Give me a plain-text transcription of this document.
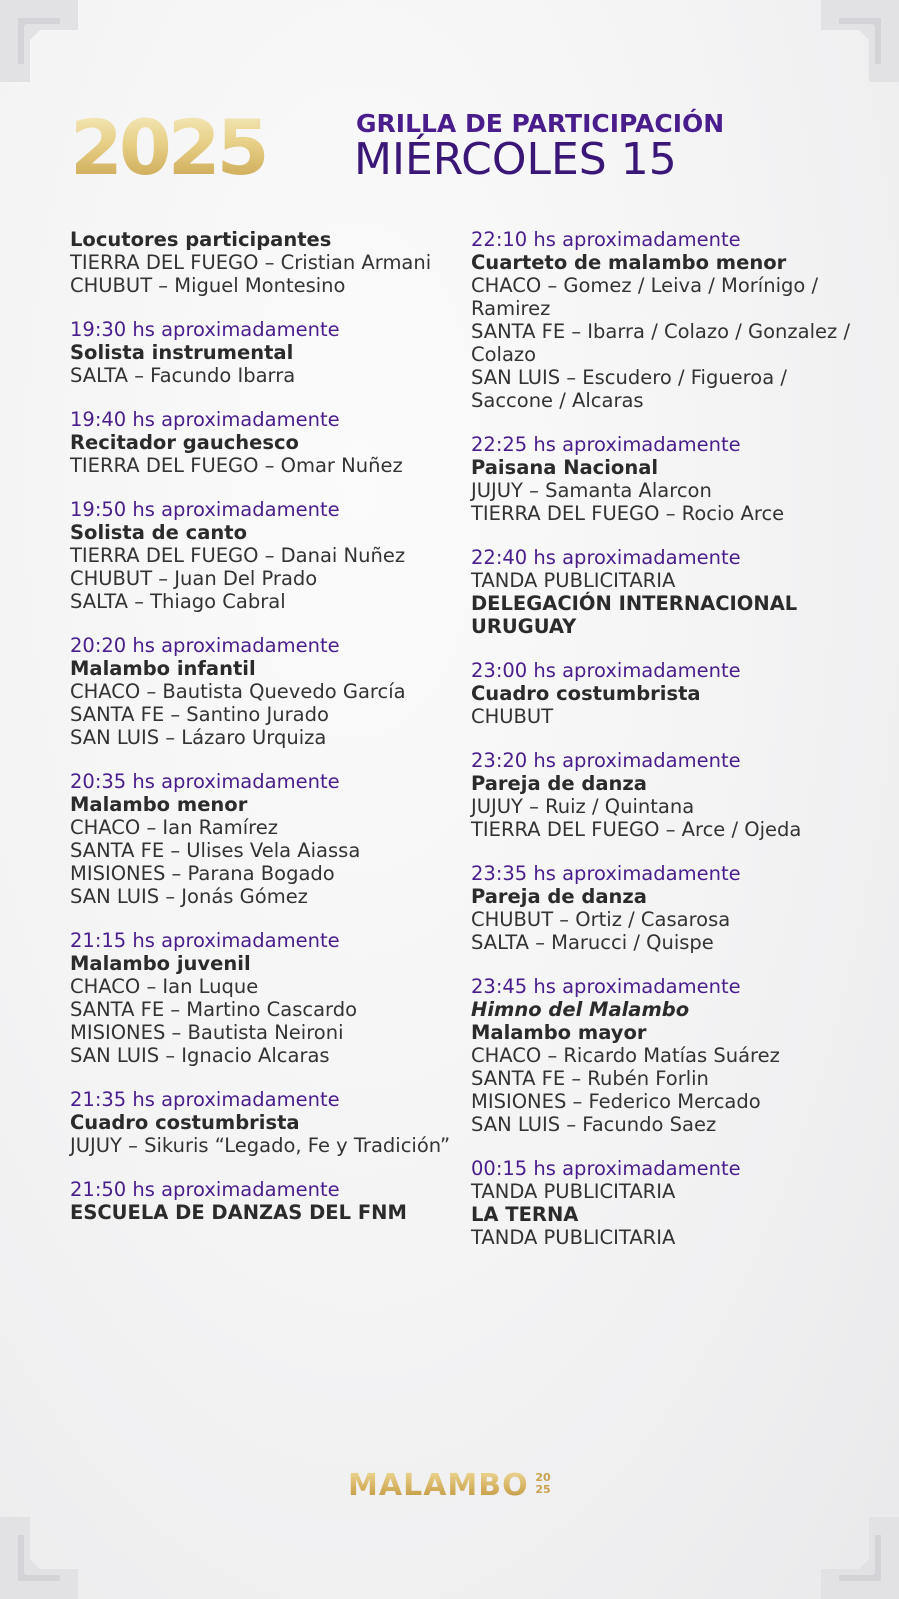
2025	GRILLA DE PARTICIPACIÓN
MIÉRCOLES 15
Locutores participantes
TIERRA DEL FUEGO – Cristian Armani
CHUBUT – Miguel Montesino
19:30 hs aproximadamente
Solista instrumental
SALTA – Facundo Ibarra
19:40 hs aproximadamente
Recitador gauchesco
TIERRA DEL FUEGO – Omar Nuñez
19:50 hs aproximadamente
Solista de canto
TIERRA DEL FUEGO – Danai Nuñez
CHUBUT – Juan Del Prado
SALTA – Thiago Cabral
20:20 hs aproximadamente
Malambo infantil
CHACO – Bautista Quevedo García
SANTA FE – Santino Jurado
SAN LUIS – Lázaro Urquiza
20:35 hs aproximadamente
Malambo menor
CHACO – Ian Ramírez
SANTA FE – Ulises Vela Aiassa
MISIONES – Parana Bogado
SAN LUIS – Jonás Gómez
21:15 hs aproximadamente
Malambo juvenil
CHACO – Ian Luque
SANTA FE – Martino Cascardo
MISIONES – Bautista Neironi
SAN LUIS – Ignacio Alcaras
21:35 hs aproximadamente
Cuadro costumbrista
JUJUY – Sikuris “Legado, Fe y Tradición”
21:50 hs aproximadamente
ESCUELA DE DANZAS DEL FNM
22:10 hs aproximadamente
Cuarteto de malambo menor
CHACO – Gomez / Leiva / Morínigo / Ramirez
SANTA FE – Ibarra / Colazo / Gonzalez / Colazo
SAN LUIS – Escudero / Figueroa / Saccone / Alcaras
22:25 hs aproximadamente
Paisana Nacional
JUJUY – Samanta Alarcon
TIERRA DEL FUEGO – Rocio Arce
22:40 hs aproximadamente
TANDA PUBLICITARIA
DELEGACIÓN INTERNACIONAL URUGUAY
23:00 hs aproximadamente
Cuadro costumbrista
CHUBUT
23:20 hs aproximadamente
Pareja de danza
JUJUY – Ruiz / Quintana
TIERRA DEL FUEGO – Arce / Ojeda
23:35 hs aproximadamente
Pareja de danza
CHUBUT – Ortiz / Casarosa
SALTA – Marucci / Quispe
23:45 hs aproximadamente
Himno del Malambo
Malambo mayor
CHACO – Ricardo Matías Suárez
SANTA FE – Rubén Forlin
MISIONES – Federico Mercado
SAN LUIS – Facundo Saez
00:15 hs aproximadamente
TANDA PUBLICITARIA
LA TERNA
TANDA PUBLICITARIA
MALAMBO 20
25
